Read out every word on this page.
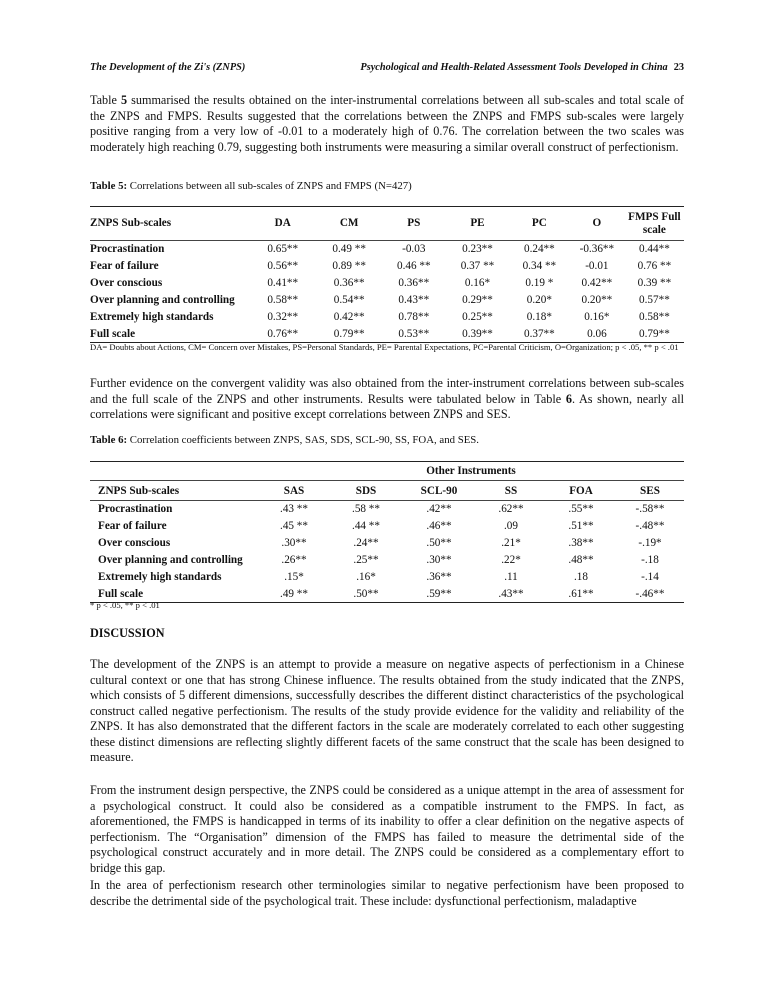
The Development of the Zi's (ZNPS)	Psychological and Health-Related Assessment Tools Developed in China 23

Table 5 summarised the results obtained on the inter-instrumental correlations between all sub-scales and total scale of the ZNPS and FMPS. Results suggested that the correlations between the ZNPS and FMPS sub-scales were largely positive ranging from a very low of -0.01 to a moderately high of 0.76. The correlation between the two scales was moderately high reaching 0.79, suggesting both instruments were measuring a similar overall construct of perfectionism.

Table 5: Correlations between all sub-scales of ZNPS and FMPS (N=427)

ZNPS Sub-scales	DA	CM	PS	PE	PC	O	FMPS Full scale
Procrastination	0.65**	0.49 **	-0.03	0.23**	0.24**	-0.36**	0.44**
Fear of failure	0.56**	0.89 **	0.46 **	0.37 **	0.34 **	-0.01	0.76 **
Over conscious	0.41**	0.36**	0.36**	0.16*	0.19 *	0.42**	0.39 **
Over planning and controlling	0.58**	0.54**	0.43**	0.29**	0.20*	0.20**	0.57**
Extremely high standards	0.32**	0.42**	0.78**	0.25**	0.18*	0.16*	0.58**
Full scale	0.76**	0.79**	0.53**	0.39**	0.37**	0.06	0.79**

DA= Doubts about Actions, CM= Concern over Mistakes, PS=Personal Standards, PE= Parental Expectations, PC=Parental Criticism, O=Organization; p < .05, ** p < .01

Further evidence on the convergent validity was also obtained from the inter-instrument correlations between sub-scales and the full scale of the ZNPS and other instruments. Results were tabulated below in Table 6. As shown, nearly all correlations were significant and positive except correlations between ZNPS and SES.

Table 6: Correlation coefficients between ZNPS, SAS, SDS, SCL-90, SS, FOA, and SES.

	Other Instruments					
ZNPS Sub-scales	SAS	SDS	SCL-90	SS	FOA	SES
Procrastination	.43 **	.58 **	.42**	.62**	.55**	-.58**
Fear of failure	.45 **	.44 **	.46**	.09	.51**	-.48**
Over conscious	.30**	.24**	.50**	.21*	.38**	-.19*
Over planning and controlling	.26**	.25**	.30**	.22*	.48**	-.18
Extremely high standards	.15*	.16*	.36**	.11	.18	-.14
Full scale	.49 **	.50**	.59**	.43**	.61**	-.46**

* p < .05, ** p < .01

DISCUSSION

The development of the ZNPS is an attempt to provide a measure on negative aspects of perfectionism in a Chinese cultural context or one that has strong Chinese influence. The results obtained from the study indicated that the ZNPS, which consists of 5 different dimensions, successfully describes the different distinct characteristics of the psychological construct called negative perfectionism. The results of the study provide evidence for the validity and reliability of the ZNPS. It has also demonstrated that the different factors in the scale are moderately correlated to each other suggesting these distinct dimensions are reflecting slightly different facets of the same construct that the scale has been designed to measure.

From the instrument design perspective, the ZNPS could be considered as a unique attempt in the area of assessment for a psychological construct. It could also be considered as a compatible instrument to the FMPS. In fact, as aforementioned, the FMPS is handicapped in terms of its inability to offer a clear definition on the negative aspects of perfectionism. The “Organisation” dimension of the FMPS has failed to measure the detrimental side of the psychological construct accurately and in more detail. The ZNPS could be considered as a complementary effort to bridge this gap.

In the area of perfectionism research other terminologies similar to negative perfectionism have been proposed to describe the detrimental side of the psychological trait. These include: dysfunctional perfectionism, maladaptive
